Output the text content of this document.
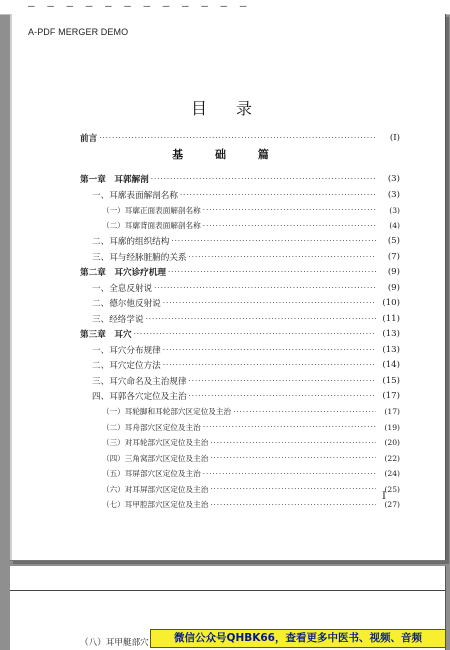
— — — — — — — — — — — —
A-PDF MERGER DEMO
目 录
前言 ·····	(Ⅰ)
基 础 篇
第一章　耳郭解剖 ·····	(3)
一、耳廓表面解剖名称 ·····	(3)
（一）耳廓正面表面解剖名称 ·····	(3)
（二）耳廓背面表面解剖名称 ·····	(4)
二、耳廓的组织结构 ·····	(5)
三、耳与经脉脏腑的关系 ·····	(7)
第二章　耳穴诊疗机理 ·····	(9)
一、全息反射说 ·····	(9)
二、德尔他反射说 ·····	(10)
三、经络学说 ·····	(11)
第三章　耳穴 ·····	(13)
一、耳穴分布规律 ·····	(13)
二、耳穴定位方法 ·····	(14)
三、耳穴命名及主治规律 ·····	(15)
四、耳郭各穴定位及主治 ·····	(17)
（一）耳轮脚和耳轮部穴区定位及主治 ·····	(17)
（二）耳舟部穴区定位及主治 ·····	(19)
（三）对耳轮部穴区定位及主治 ·····	(20)
（四）三角窝部穴区定位及主治 ·····	(22)
（五）耳屏部穴区定位及主治 ·····	(24)
（六）对耳屏部穴区定位及主治 ·····	(25)
（七）耳甲腔部穴区定位及主治 ·····	(27)
Ⅰ
（八）耳甲艇部穴	微信公众号QHBK66，查看更多中医书、视频、音频
